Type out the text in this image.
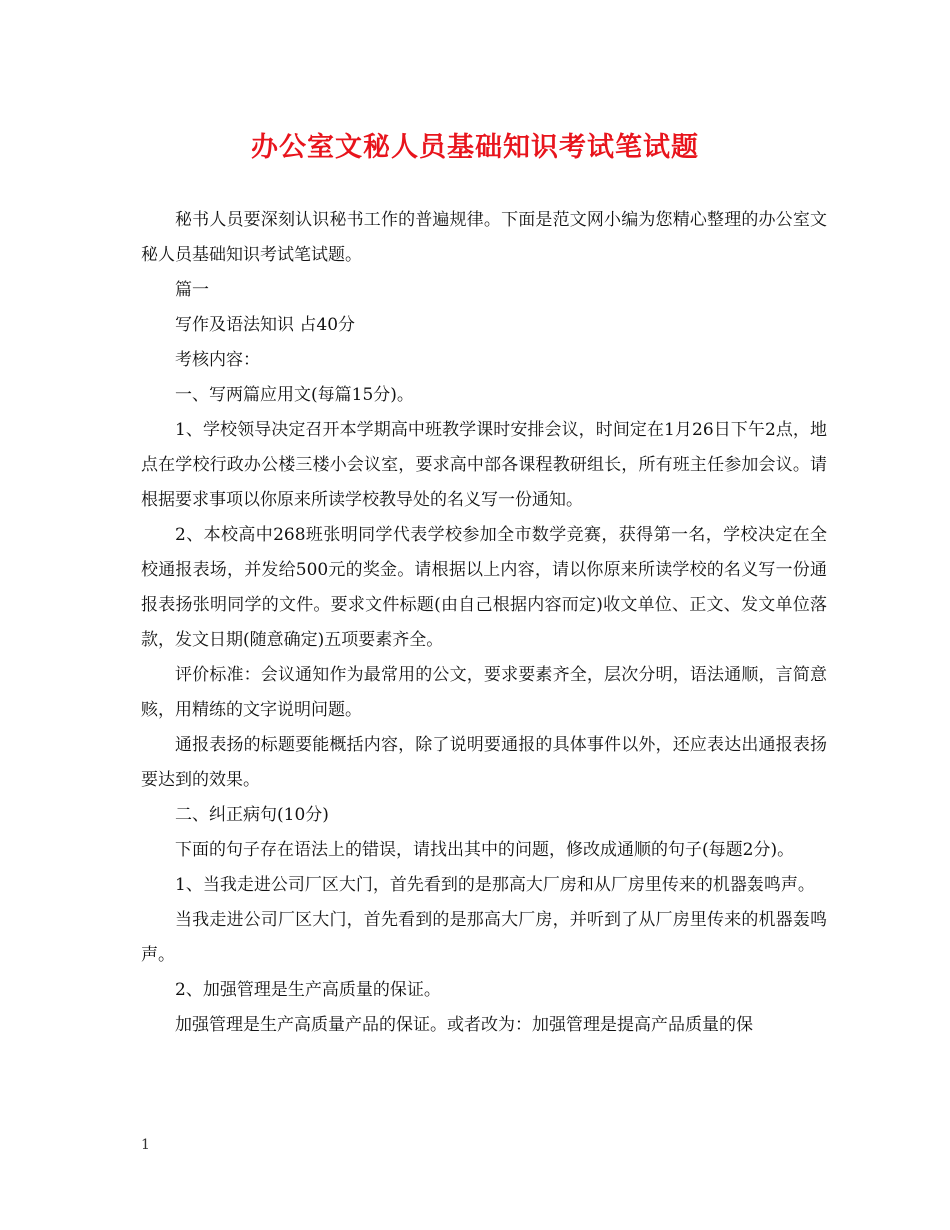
办公室文秘人员基础知识考试笔试题

秘书人员要深刻认识秘书工作的普遍规律。下面是范文网小编为您精心整理的办公室文秘人员基础知识考试笔试题。

篇一

写作及语法知识 占40分

考核内容：

一、写两篇应用文(每篇15分)。

1、学校领导决定召开本学期高中班教学课时安排会议，时间定在1月26日下午2点，地点在学校行政办公楼三楼小会议室，要求高中部各课程教研组长，所有班主任参加会议。请根据要求事项以你原来所读学校教导处的名义写一份通知。

2、本校高中268班张明同学代表学校参加全市数学竞赛，获得第一名，学校决定在全校通报表场，并发给500元的奖金。请根据以上内容，请以你原来所读学校的名义写一份通报表扬张明同学的文件。要求文件标题(由自己根据内容而定)收文单位、正文、发文单位落款，发文日期(随意确定)五项要素齐全。

评价标准：会议通知作为最常用的公文，要求要素齐全，层次分明，语法通顺，言简意赅，用精练的文字说明问题。

通报表扬的标题要能概括内容，除了说明要通报的具体事件以外，还应表达出通报表扬要达到的效果。

二、纠正病句(10分)

下面的句子存在语法上的错误，请找出其中的问题，修改成通顺的句子(每题2分)。

1、当我走进公司厂区大门，首先看到的是那高大厂房和从厂房里传来的机器轰鸣声。

当我走进公司厂区大门，首先看到的是那高大厂房，并听到了从厂房里传来的机器轰鸣声。

2、加强管理是生产高质量的保证。

加强管理是生产高质量产品的保证。或者改为：加强管理是提高产品质量的保

1
